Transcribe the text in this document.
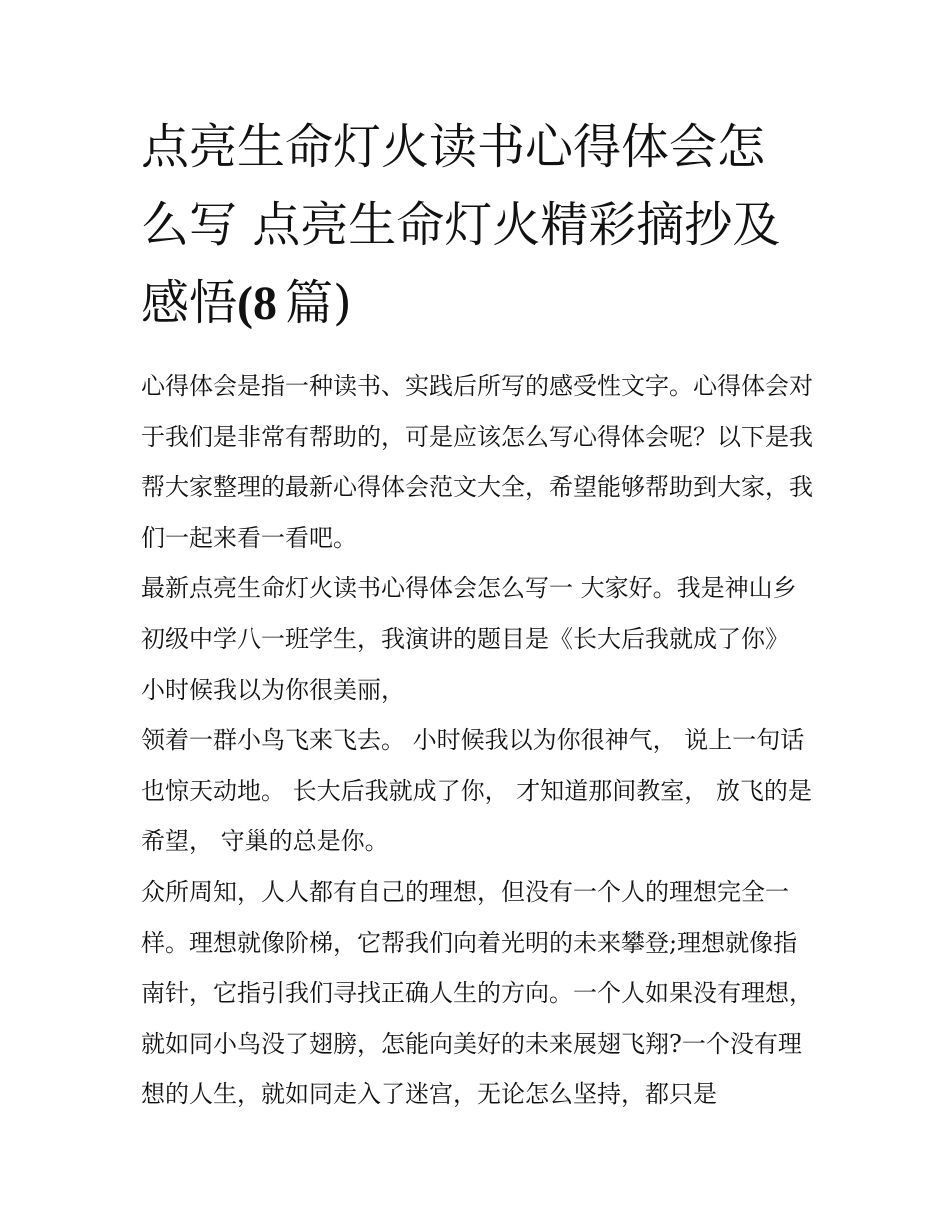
点亮生命灯火读书心得体会怎
么写 点亮生命灯火精彩摘抄及
感悟(8 篇)

心得体会是指一种读书、实践后所写的感受性文字。心得体会对于我们是非常有帮助的，可是应该怎么写心得体会呢？以下是我帮大家整理的最新心得体会范文大全，希望能够帮助到大家，我们一起来看一看吧。

最新点亮生命灯火读书心得体会怎么写一 大家好。我是神山乡初级中学八一班学生，我演讲的题目是《长大后我就成了你》 小时候我以为你很美丽，

领着一群小鸟飞来飞去。 小时候我以为你很神气， 说上一句话也惊天动地。 长大后我就成了你， 才知道那间教室， 放飞的是希望， 守巢的总是你。

众所周知，人人都有自己的理想，但没有一个人的理想完全一样。理想就像阶梯，它帮我们向着光明的未来攀登;理想就像指南针，它指引我们寻找正确人生的方向。一个人如果没有理想，就如同小鸟没了翅膀，怎能向美好的未来展翅飞翔?一个没有理想的人生，就如同走入了迷宫，无论怎么坚持，都只是
